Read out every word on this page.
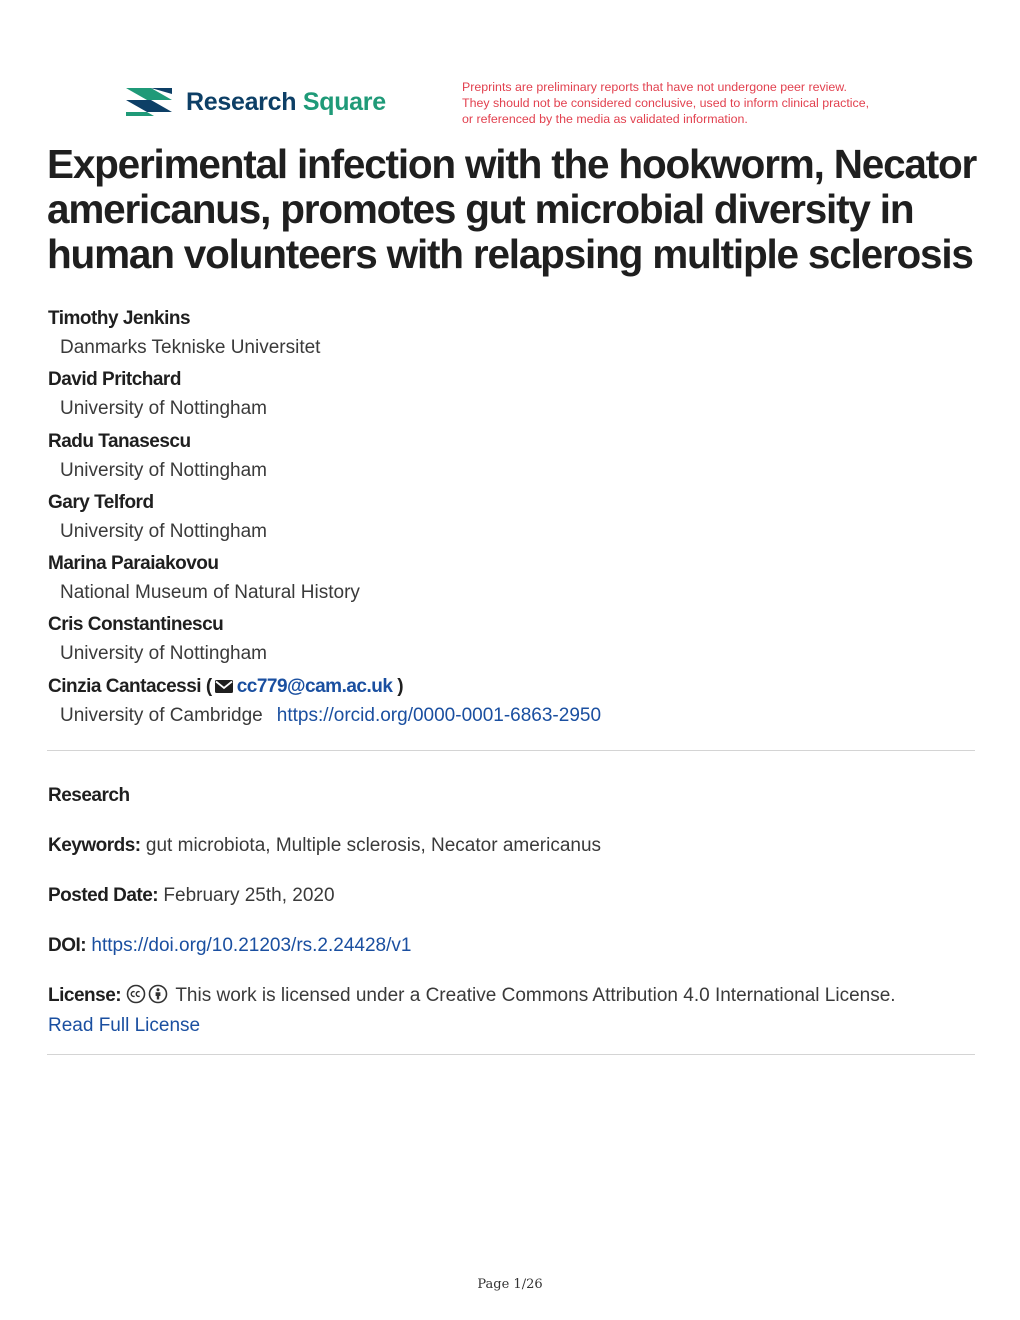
Research Square
Preprints are preliminary reports that have not undergone peer review.
They should not be considered conclusive, used to inform clinical practice,
or referenced by the media as validated information.
Experimental infection with the hookworm, Necator
americanus, promotes gut microbial diversity in
human volunteers with relapsing multiple sclerosis
Timothy Jenkins
Danmarks Tekniske Universitet
David Pritchard
University of Nottingham
Radu Tanasescu
University of Nottingham
Gary Telford
University of Nottingham
Marina Paraiakovou
National Museum of Natural History
Cris Constantinescu
University of Nottingham
Cinzia Cantacessi ( cc779@cam.ac.uk )
University of Cambridge https://orcid.org/0000-0001-6863-2950
Research
Keywords: gut microbiota, Multiple sclerosis, Necator americanus
Posted Date: February 25th, 2020
DOI: https://doi.org/10.21203/rs.2.24428/v1
License:	This work is licensed under a Creative Commons Attribution 4.0 International License.
Read Full License
Page 1/26
